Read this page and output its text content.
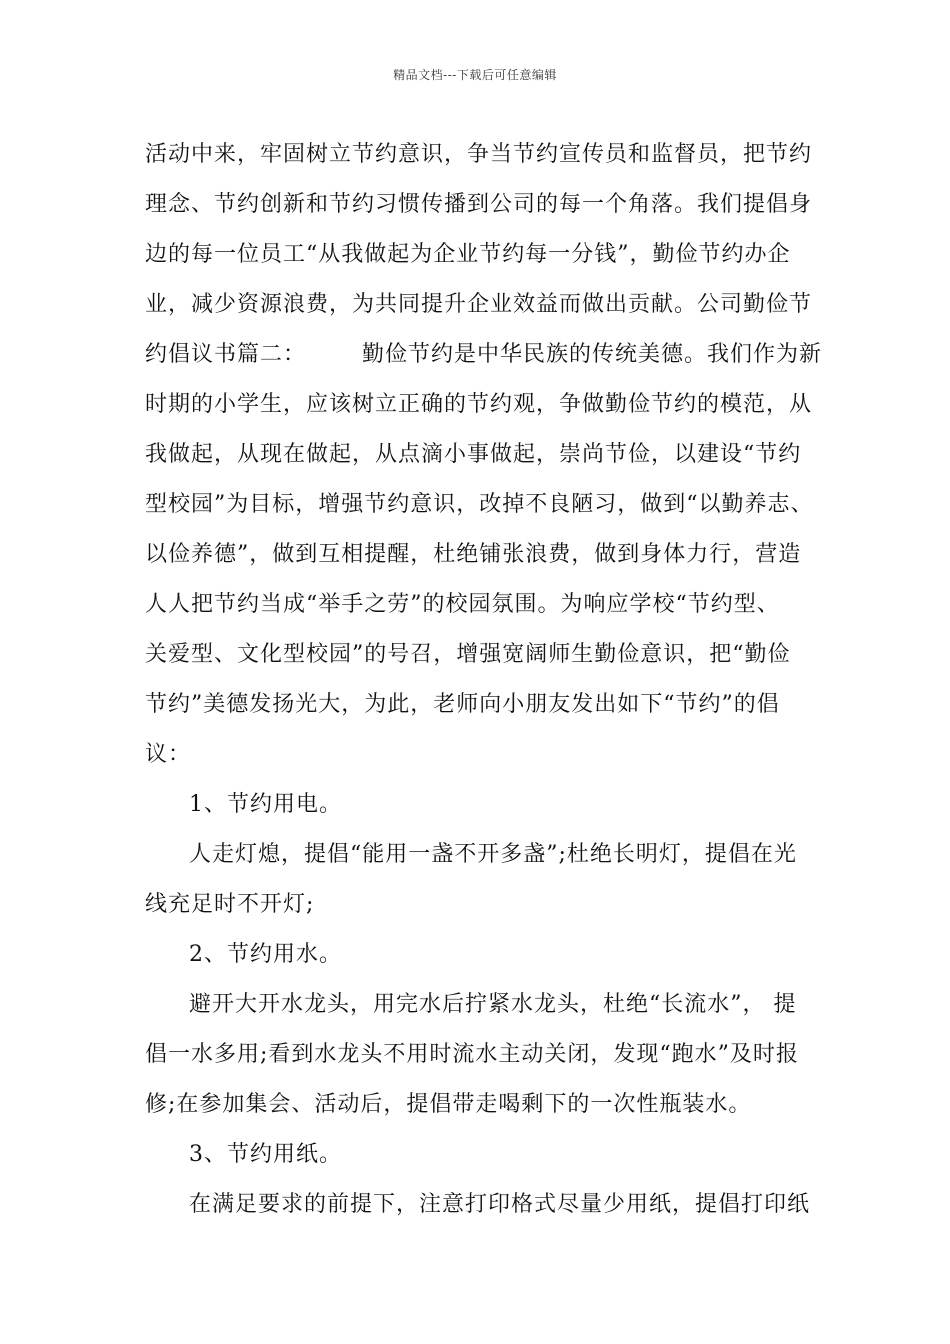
精品文档---下载后可任意编辑
活动中来，牢固树立节约意识，争当节约宣传员和监督员，把节约
理念、节约创新和节约习惯传播到公司的每一个角落。我们提倡身
边的每一位员工“从我做起为企业节约每一分钱”，勤俭节约办企
业，减少资源浪费，为共同提升企业效益而做出贡献。公司勤俭节
约倡议书篇二：	勤俭节约是中华民族的传统美德。我们作为新
时期的小学生，应该树立正确的节约观，争做勤俭节约的模范，从
我做起，从现在做起，从点滴小事做起，崇尚节俭，以建设“节约
型校园”为目标，增强节约意识，改掉不良陋习，做到“以勤养志、
以俭养德”，做到互相提醒，杜绝铺张浪费，做到身体力行，营造
人人把节约当成“举手之劳”的校园氛围。为响应学校“节约型、
关爱型、文化型校园”的号召，增强宽阔师生勤俭意识，把“勤俭
节约”美德发扬光大，为此，老师向小朋友发出如下“节约”的倡
议：
1、节约用电。
人走灯熄，提倡“能用一盏不开多盏”;杜绝长明灯，提倡在光
线充足时不开灯;
2、节约用水。
避开大开水龙头，用完水后拧紧水龙头，杜绝“长流水”， 提
倡一水多用;看到水龙头不用时流水主动关闭，发现“跑水”及时报
修;在参加集会、活动后，提倡带走喝剩下的一次性瓶装水。
3、节约用纸。
在满足要求的前提下，注意打印格式尽量少用纸，提倡打印纸
